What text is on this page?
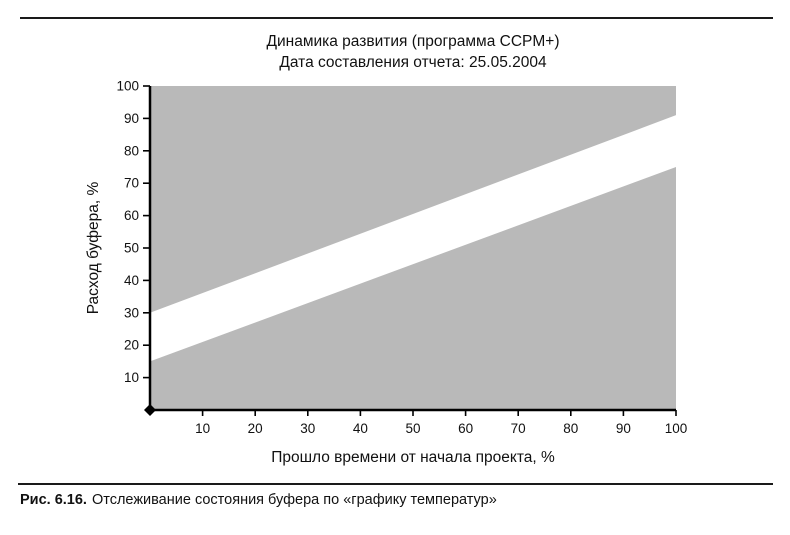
Динамика развития (программа CCPM+)
Дата составления отчета: 25.05.2004
Расход буфера, %
10
20
30
40
50
60
70
80
90
100
10	20	30	40	50	60	70	80	90	100
Прошло времени от начала проекта, %
Рис. 6.16. Отслеживание состояния буфера по «графику температур»
